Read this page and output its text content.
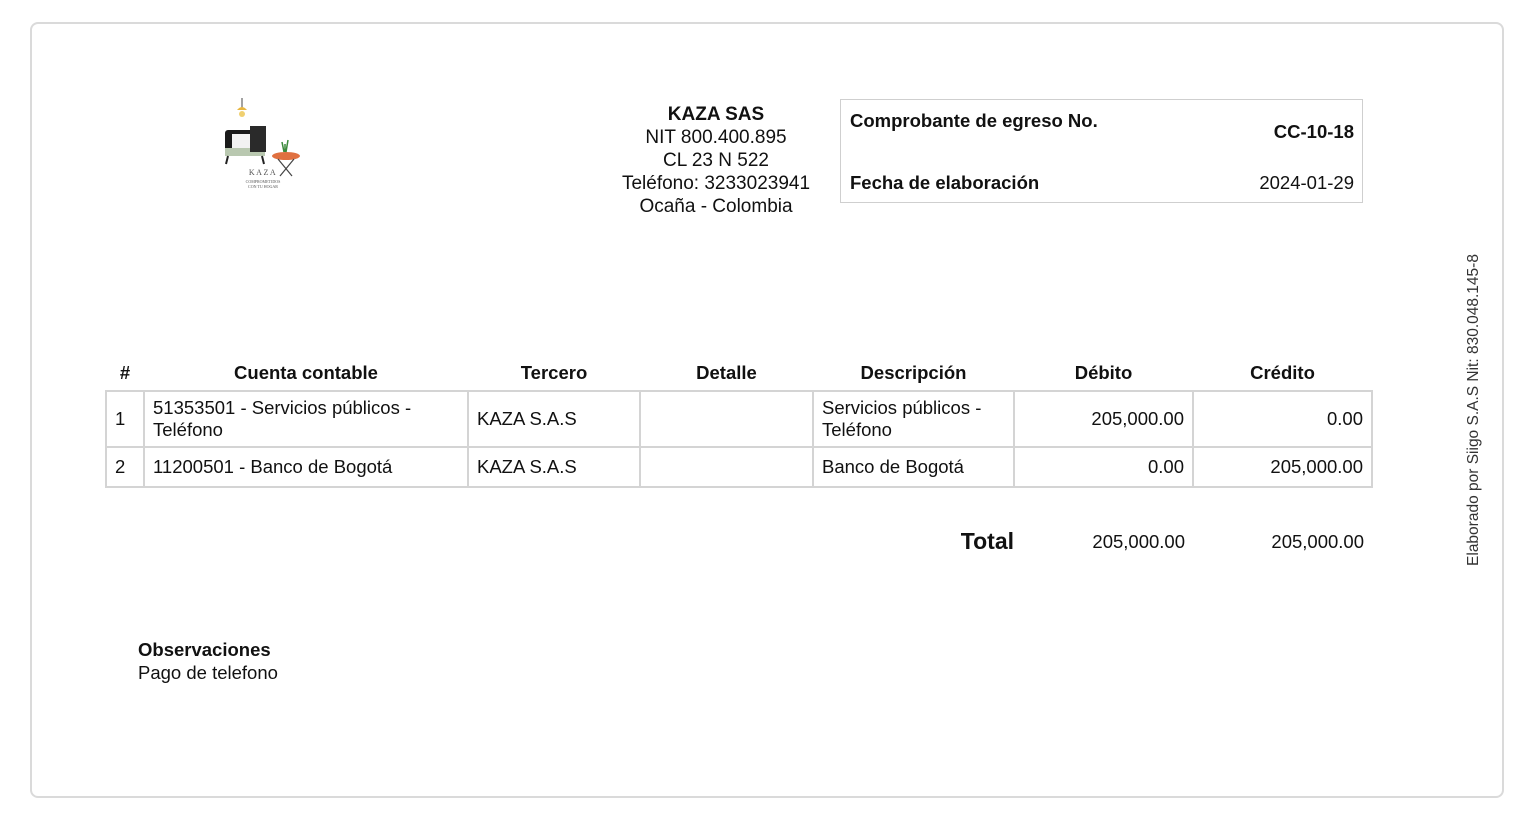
KAZA
COMPROMETIDOS
CON TU HOGAR
KAZA SAS
NIT 800.400.895
CL 23 N 522
Teléfono: 3233023941
Ocaña - Colombia
Comprobante de egreso No.
CC-10-18
Fecha de elaboración	2024-01-29
#	Cuenta contable	Tercero	Detalle	Descripción	Débito	Crédito
1	51353501 - Servicios públicos - Teléfono	KAZA S.A.S		Servicios públicos - Teléfono	205,000.00	0.00
2	11200501 - Banco de Bogotá	KAZA S.A.S		Banco de Bogotá	0.00	205,000.00
Total	205,000.00	205,000.00
Observaciones
Pago de telefono
Elaborado por Siigo S.A.S Nit: 830.048.145-8
